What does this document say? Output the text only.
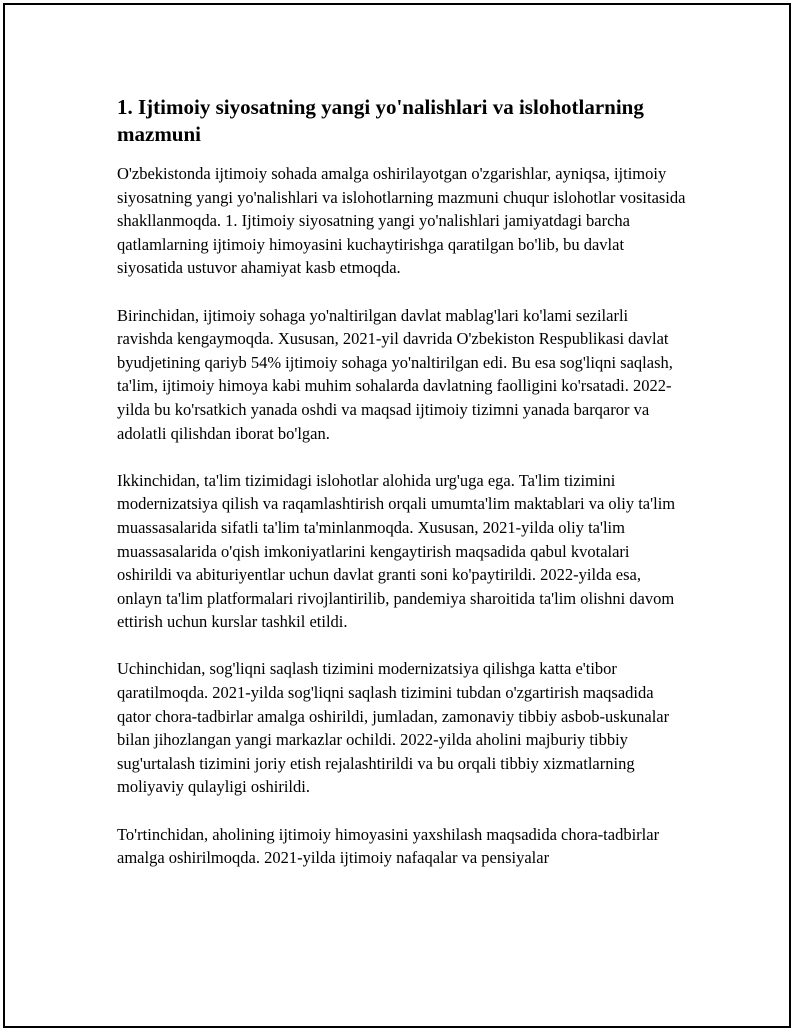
1. Ijtimoiy siyosatning yangi yo'nalishlari va islohotlarning mazmuni

O'zbekistonda ijtimoiy sohada amalga oshirilayotgan o'zgarishlar, ayniqsa, ijtimoiy siyosatning yangi yo'nalishlari va islohotlarning mazmuni chuqur islohotlar vositasida shakllanmoqda. 1. Ijtimoiy siyosatning yangi yo'nalishlari jamiyatdagi barcha qatlamlarning ijtimoiy himoyasini kuchaytirishga qaratilgan bo'lib, bu davlat siyosatida ustuvor ahamiyat kasb etmoqda.

Birinchidan, ijtimoiy sohaga yo'naltirilgan davlat mablag'lari ko'lami sezilarli ravishda kengaymoqda. Xususan, 2021-yil davrida O'zbekiston Respublikasi davlat byudjetining qariyb 54% ijtimoiy sohaga yo'naltirilgan edi. Bu esa sog'liqni saqlash, ta'lim, ijtimoiy himoya kabi muhim sohalarda davlatning faolligini ko'rsatadi. 2022-yilda bu ko'rsatkich yanada oshdi va maqsad ijtimoiy tizimni yanada barqaror va adolatli qilishdan iborat bo'lgan.

Ikkinchidan, ta'lim tizimidagi islohotlar alohida urg'uga ega. Ta'lim tizimini modernizatsiya qilish va raqamlashtirish orqali umumta'lim maktablari va oliy ta'lim muassasalarida sifatli ta'lim ta'minlanmoqda. Xususan, 2021-yilda oliy ta'lim muassasalarida o'qish imkoniyatlarini kengaytirish maqsadida qabul kvotalari oshirildi va abituriyentlar uchun davlat granti soni ko'paytirildi. 2022-yilda esa, onlayn ta'lim platformalari rivojlantirilib, pandemiya sharoitida ta'lim olishni davom ettirish uchun kurslar tashkil etildi.

Uchinchidan, sog'liqni saqlash tizimini modernizatsiya qilishga katta e'tibor qaratilmoqda. 2021-yilda sog'liqni saqlash tizimini tubdan o'zgartirish maqsadida qator chora-tadbirlar amalga oshirildi, jumladan, zamonaviy tibbiy asbob-uskunalar bilan jihozlangan yangi markazlar ochildi. 2022-yilda aholini majburiy tibbiy sug'urtalash tizimini joriy etish rejalashtirildi va bu orqali tibbiy xizmatlarning moliyaviy qulayligi oshirildi.

To'rtinchidan, aholining ijtimoiy himoyasini yaxshilash maqsadida chora-tadbirlar amalga oshirilmoqda. 2021-yilda ijtimoiy nafaqalar va pensiyalar
